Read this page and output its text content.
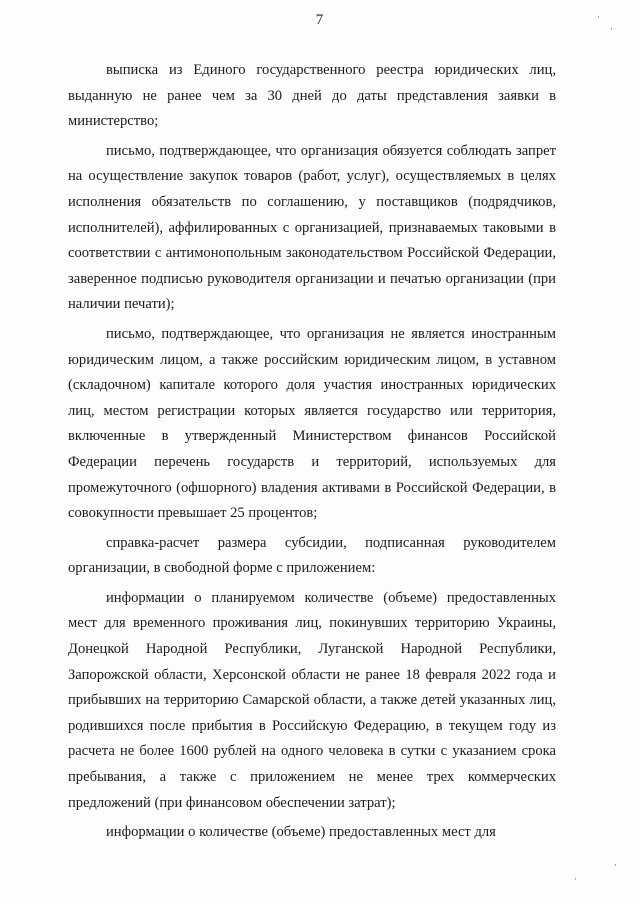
7

выписка из Единого государственного реестра юридических лиц, выданную не ранее чем за 30 дней до даты представления заявки в министерство;

письмо, подтверждающее, что организация обязуется соблюдать запрет на осуществление закупок товаров (работ, услуг), осуществляемых в целях исполнения обязательств по соглашению, у поставщиков (подрядчиков, исполнителей), аффилированных с организацией, признаваемых таковыми в соответствии с антимонопольным законодательством Российской Федерации, заверенное подписью руководителя организации и печатью организации (при наличии печати);

письмо, подтверждающее, что организация не является иностранным юридическим лицом, а также российским юридическим лицом, в уставном (складочном) капитале которого доля участия иностранных юридических лиц, местом регистрации которых является государство или территория, включенные в утвержденный Министерством финансов Российской Федерации перечень государств и территорий, используемых для промежуточного (офшорного) владения активами в Российской Федерации, в совокупности превышает 25 процентов;

справка-расчет размера субсидии, подписанная руководителем организации, в свободной форме с приложением:

информации о планируемом количестве (объеме) предоставленных мест для временного проживания лиц, покинувших территорию Украины, Донецкой Народной Республики, Луганской Народной Республики, Запорожской области, Херсонской области не ранее 18 февраля 2022 года и прибывших на территорию Самарской области, а также детей указанных лиц, родившихся после прибытия в Российскую Федерацию, в текущем году из расчета не более 1600 рублей на одного человека в сутки с указанием срока пребывания, а также с приложением не менее трех коммерческих предложений (при финансовом обеспечении затрат);

информации о количестве (объеме) предоставленных мест для

·
·
·
·
